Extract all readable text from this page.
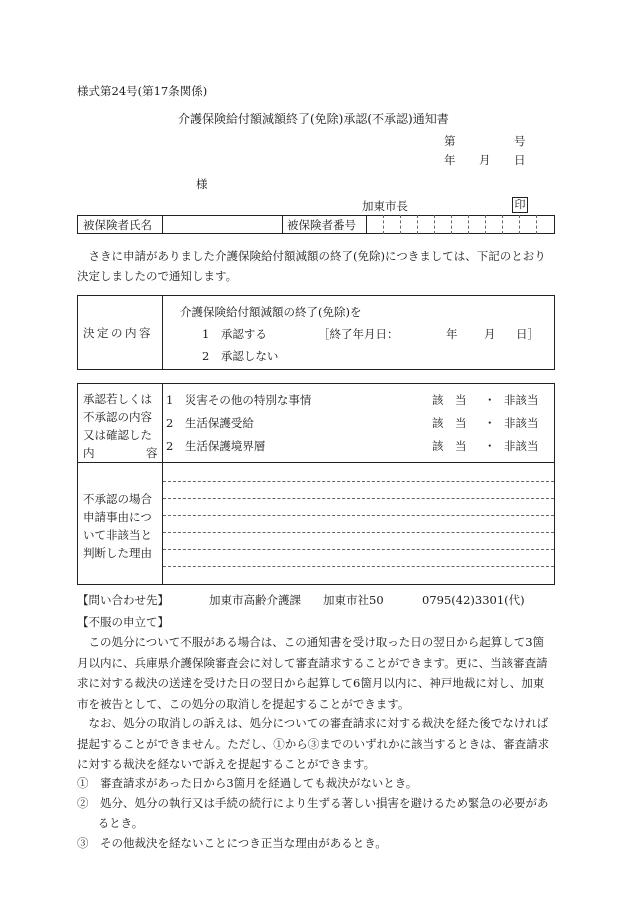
様式第24号(第17条関係)
介護保険給付額減額終了(免除)承認(不承認)通知書
第	号
年 月 日
様
加東市長	印
被保険者氏名	被保険者番号
さきに申請がありました介護保険給付額減額の終了(免除)につきましては、下記のとおり決定しましたので通知します。
決定の内容
介護保険給付額減額の終了(免除)を
1　承認する	［終了年月日：	年 月 日］
2　承認しない
承認若しくは
不承認の内容
又は確認した
内	容
1　災害その他の特別な事情	該　当 ・ 非該当
2　生活保護受給	該　当 ・ 非該当
2　生活保護境界層	該　当 ・ 非該当
不承認の場合
申請事由につ
いて非該当と
判断した理由
【問い合わせ先】	加東市高齢介護課 加東市社50	0795(42)3301(代)
【不服の申立て】
この処分について不服がある場合は、この通知書を受け取った日の翌日から起算して3箇月以内に、兵庫県介護保険審査会に対して審査請求することができます。更に、当該審査請求に対する裁決の送達を受けた日の翌日から起算して6箇月以内に、神戸地裁に対し、加東市を被告として、この処分の取消しを提起することができます。
なお、処分の取消しの訴えは、処分についての審査請求に対する裁決を経た後でなければ提起することができません。ただし、①から③までのいずれかに該当するときは、審査請求に対する裁決を経ないで訴えを提起することができます。
①　審査請求があった日から3箇月を経過しても裁決がないとき。
②　処分、処分の執行又は手続の続行により生ずる著しい損害を避けるため緊急の必要があるとき。
③　その他裁決を経ないことにつき正当な理由があるとき。
